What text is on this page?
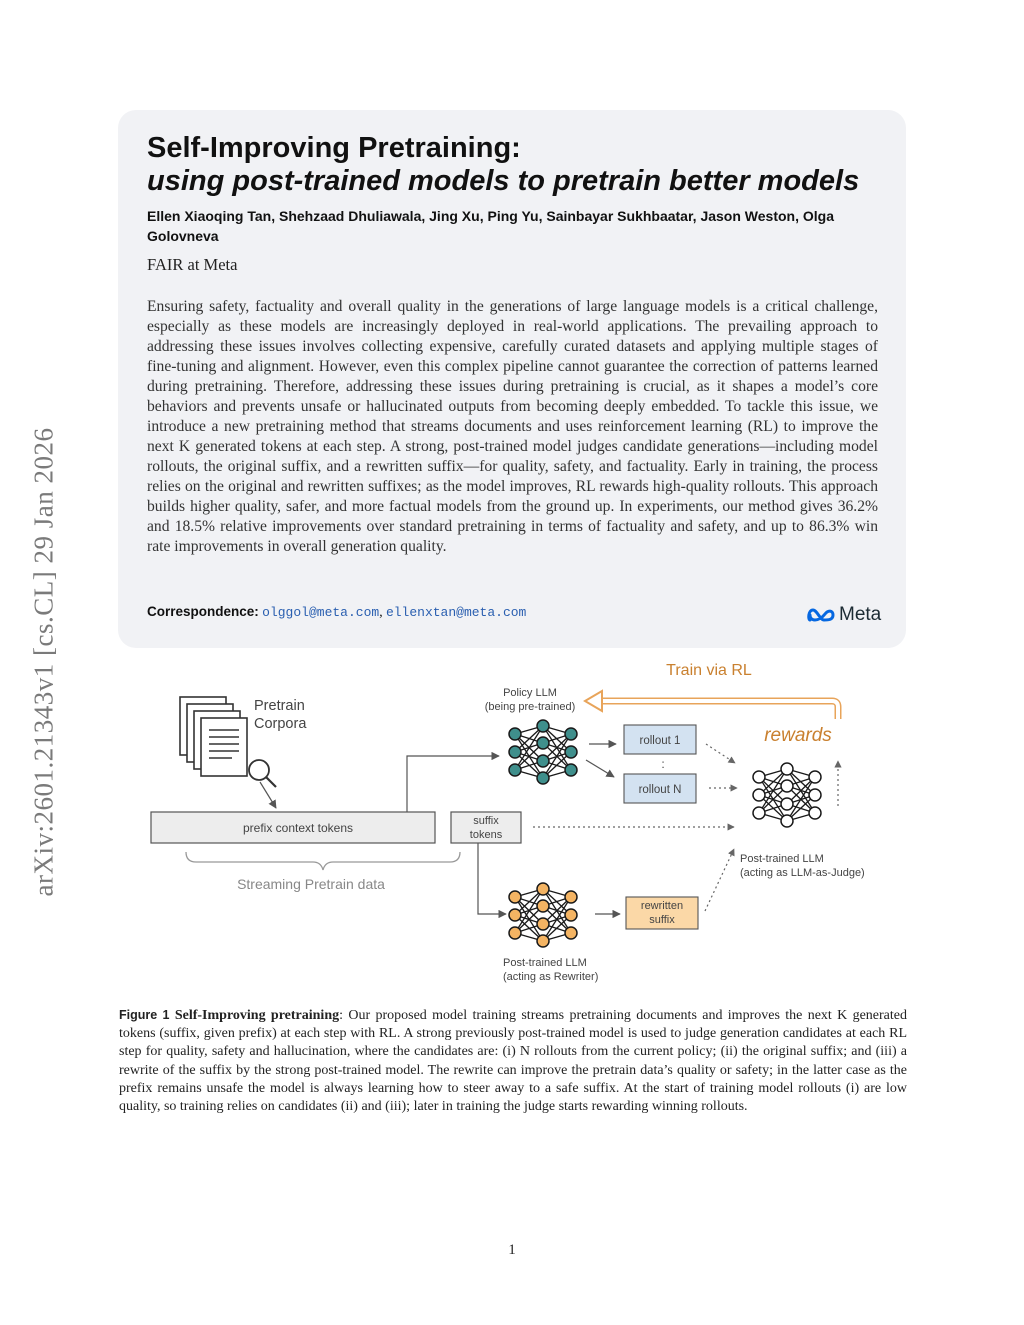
arXiv:2601.21343v1 [cs.CL] 29 Jan 2026
Self-Improving Pretraining:
using post-trained models to pretrain better models
Ellen Xiaoqing Tan, Shehzaad Dhuliawala, Jing Xu, Ping Yu, Sainbayar Sukhbaatar, Jason Weston, Olga Golovneva
FAIR at Meta
Ensuring safety, factuality and overall quality in the generations of large language models is a critical challenge, especially as these models are increasingly deployed in real-world applications. The prevailing approach to addressing these issues involves collecting expensive, carefully curated datasets and applying multiple stages of fine-tuning and alignment. However, even this complex pipeline cannot guarantee the correction of patterns learned during pretraining. Therefore, addressing these issues during pretraining is crucial, as it shapes a model’s core behaviors and prevents unsafe or hallucinated outputs from becoming deeply embedded. To tackle this issue, we introduce a new pretraining method that streams documents and uses reinforcement learning (RL) to improve the next K generated tokens at each step. A strong, post-trained model judges candidate generations—including model rollouts, the original suffix, and a rewritten suffix—for quality, safety, and factuality. Early in training, the process relies on the original and rewritten suffixes; as the model improves, RL rewards high-quality rollouts. This approach builds higher quality, safer, and more factual models from the ground up. In experiments, our method gives 36.2% and 18.5% relative improvements over standard pretraining in terms of factuality and safety, and up to 86.3% win rate improvements in overall generation quality.
Correspondence: olggol@meta.com, ellenxtan@meta.com	Meta
Pretrain
Corpora
prefix context tokens	suffix
tokens
Streaming Pretrain data
Policy LLM
(being pre-trained)
Train via RL
rollout 1
:
rollout N
rewards
Post-trained LLM
(acting as LLM-as-Judge)
rewritten
suffix
Post-trained LLM
(acting as Rewriter)
Figure 1 Self-Improving pretraining: Our proposed model training streams pretraining documents and improves the next K generated tokens (suffix, given prefix) at each step with RL. A strong previously post-trained model is used to judge generation candidates at each RL step for quality, safety and hallucination, where the candidates are: (i) N rollouts from the current policy; (ii) the original suffix; and (iii) a rewrite of the suffix by the strong post-trained model. The rewrite can improve the pretrain data’s quality or safety; in the latter case as the prefix remains unsafe the model is always learning how to steer away to a safe suffix. At the start of training model rollouts (i) are low quality, so training relies on candidates (ii) and (iii); later in training the judge starts rewarding winning rollouts.
1
